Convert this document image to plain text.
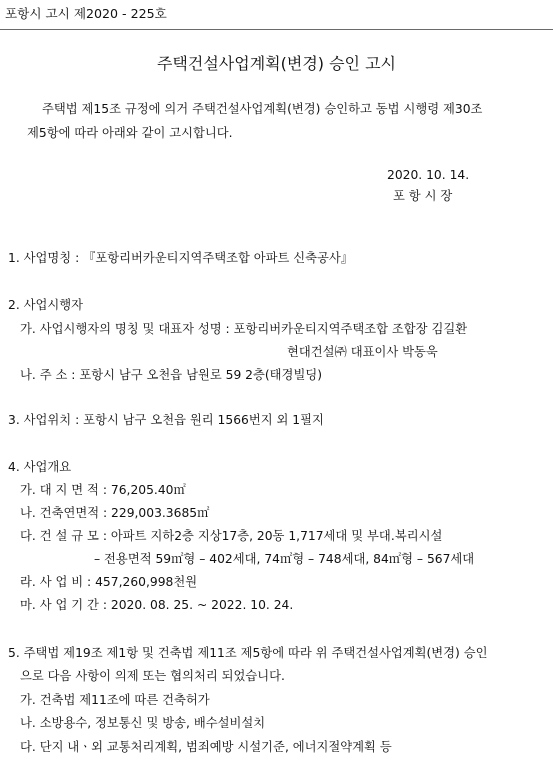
포항시 고시 제2020 - 225호
주택건설사업계획(변경) 승인 고시
주택법 제15조 규정에 의거 주택건설사업계획(변경) 승인하고 동법 시행령 제30조
제5항에 따라 아래와 같이 고시합니다.
2020. 10. 14.
포 항 시 장
1. 사업명칭 : 『포항리버카운티지역주택조합 아파트 신축공사』
2. 사업시행자
가. 사업시행자의 명칭 및 대표자 성명 : 포항리버카운티지역주택조합 조합장 김길환
현대건설㈜ 대표이사 박동욱
나. 주 소 : 포항시 남구 오천읍 남원로 59 2층(태경빌딩)
3. 사업위치 : 포항시 남구 오천읍 원리 1566번지 외 1필지
4. 사업개요
가. 대 지 면 적 : 76,205.40㎡
나. 건축연면적 : 229,003.3685㎡
다. 건 설 규 모 : 아파트 지하2층 지상17층, 20동 1,717세대 및 부대․복리시설
– 전용면적 59㎡형 – 402세대, 74㎡형 – 748세대, 84㎡형 – 567세대
라. 사 업 비 : 457,260,998천원
마. 사 업 기 간 : 2020. 08. 25. ~ 2022. 10. 24.
5. 주택법 제19조 제1항 및 건축법 제11조 제5항에 따라 위 주택건설사업계획(변경) 승인
으로 다음 사항이 의제 또는 협의처리 되었습니다.
가. 건축법 제11조에 따른 건축허가
나. 소방용수, 정보통신 및 방송, 배수설비설치
다. 단지 내ㆍ외 교통처리계획, 범죄예방 시설기준, 에너지절약계획 등
